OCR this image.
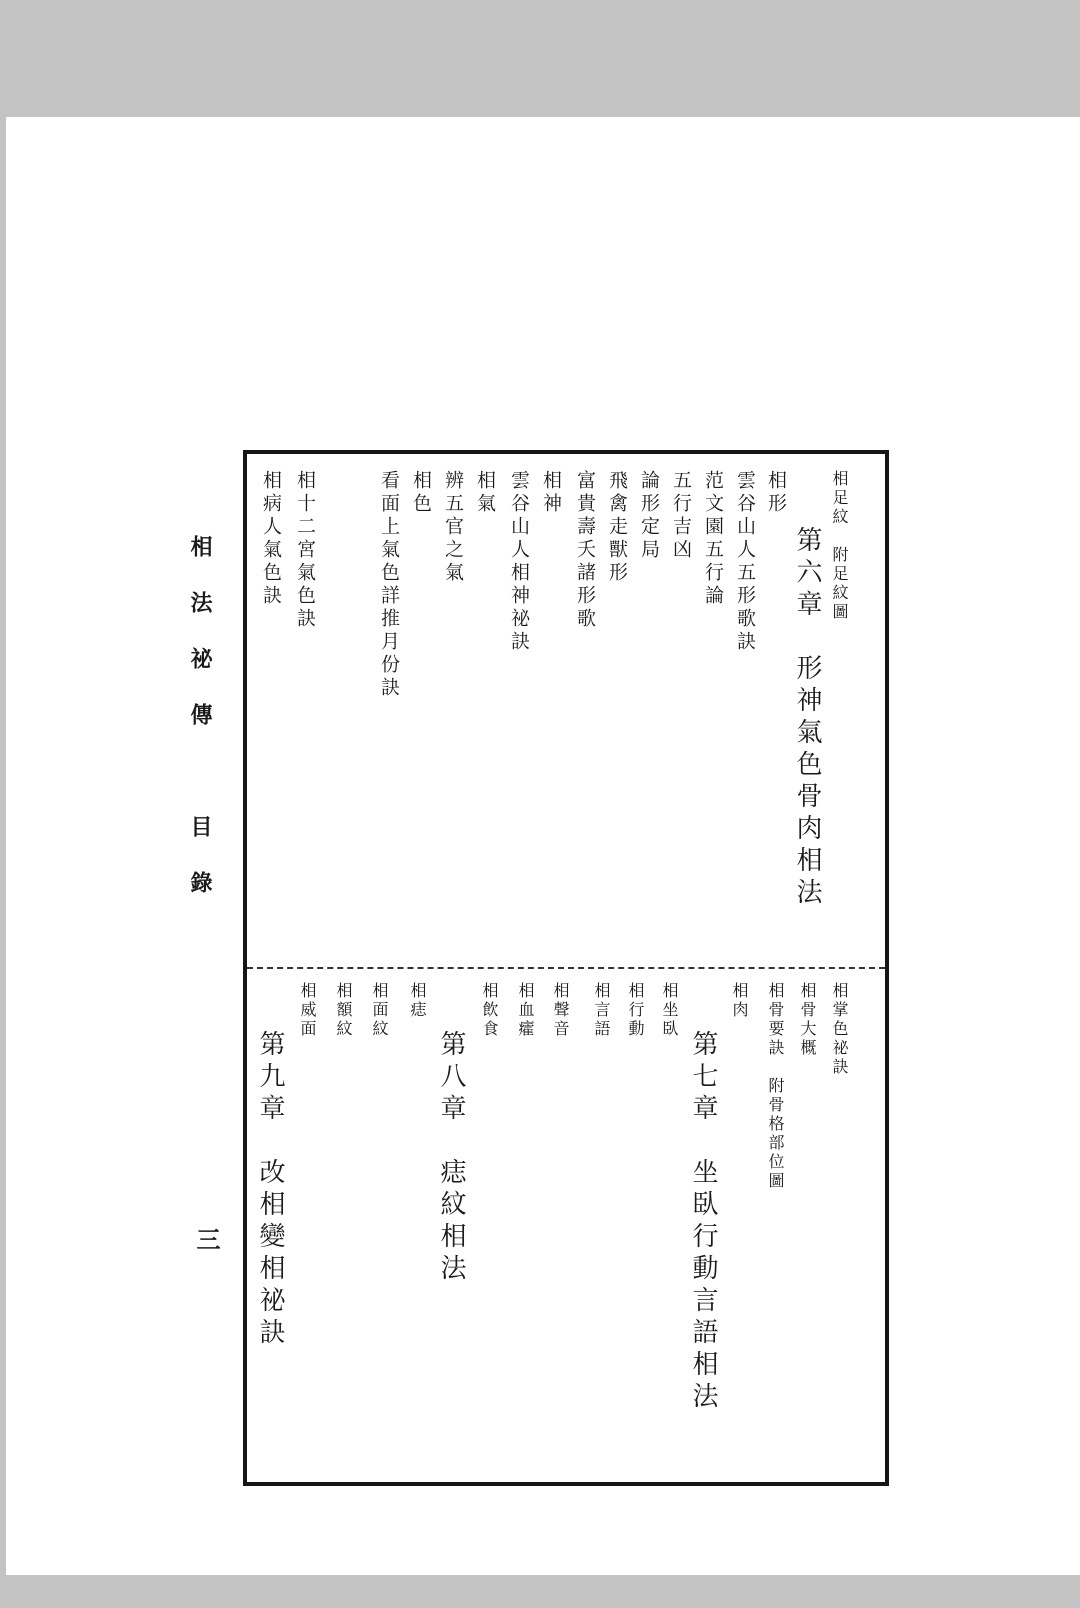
相法祕傳　目錄
三
相足紋　附足紋圖
第六章　形神氣色骨肉相法
相形
雲谷山人五形歌訣
范文園五行論
五行吉凶
論形定局
飛禽走獸形
富貴壽夭諸形歌
相神
雲谷山人相神祕訣
相氣
辨五官之氣
相色
看面上氣色詳推月份訣
相十二宮氣色訣
相病人氣色訣
相掌色祕訣
相骨大概
相骨要訣　附骨格部位圖
相肉
第七章　坐臥行動言語相法
相坐臥
相行動
相言語
相聲音
相血癨
相飲食
第八章　痣紋相法
相痣
相面紋
相額紋
相威面
第九章　改相變相祕訣
